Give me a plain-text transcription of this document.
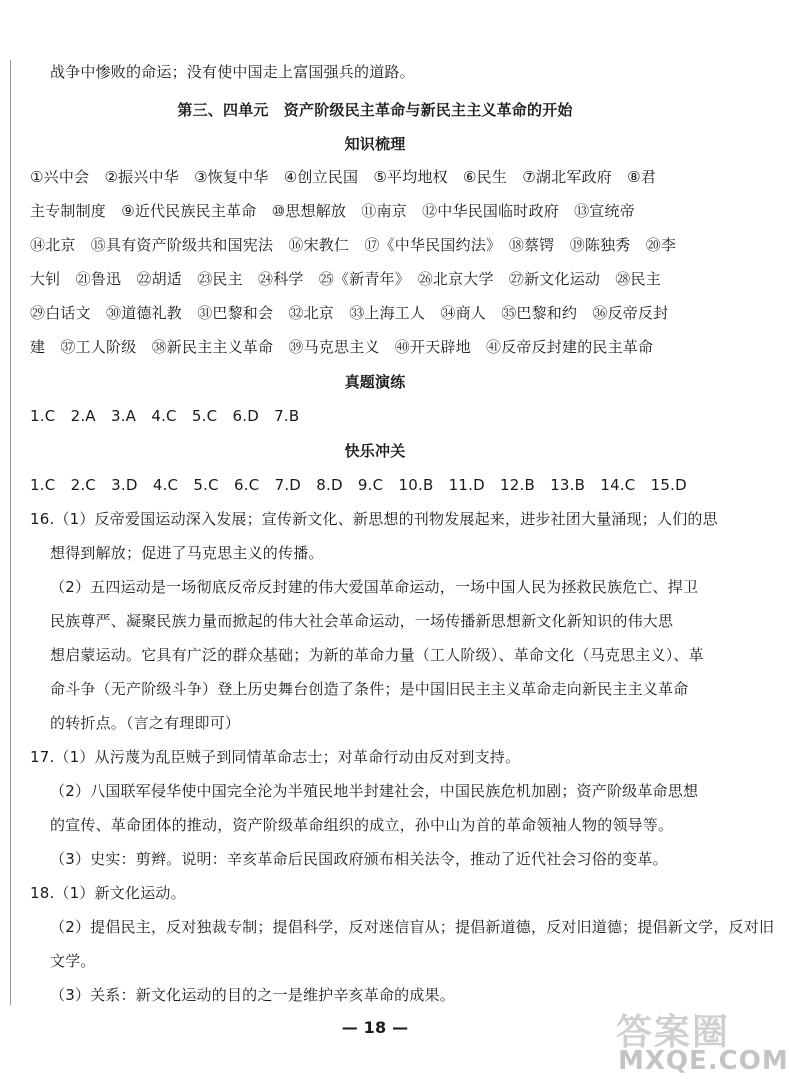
战争中惨败的命运；没有使中国走上富国强兵的道路。
第三、四单元　资产阶级民主革命与新民主主义革命的开始
知识梳理
①兴中会　②振兴中华　③恢复中华　④创立民国　⑤平均地权　⑥民生　⑦湖北军政府　⑧君
主专制制度　⑨近代民族民主革命　⑩思想解放　⑪南京　⑫中华民国临时政府　⑬宣统帝
⑭北京　⑮具有资产阶级共和国宪法　⑯宋教仁　⑰《中华民国约法》　⑱蔡锷　⑲陈独秀　⑳李
大钊　㉑鲁迅　㉒胡适　㉓民主　㉔科学　㉕《新青年》　㉖北京大学　㉗新文化运动　㉘民主
㉙白话文　㉚道德礼教　㉛巴黎和会　㉜北京　㉝上海工人　㉞商人　㉟巴黎和约　㊱反帝反封
建　㊲工人阶级　㊳新民主主义革命　㊴马克思主义　㊵开天辟地　㊶反帝反封建的民主革命
真题演练
1.C　2.A　3.A　4.C　5.C　6.D　7.B
快乐冲关
1.C　2.C　3.D　4.C　5.C　6.C　7.D　8.D　9.C　10.B　11.D　12.B　13.B　14.C　15.D
16.（1）反帝爱国运动深入发展；宣传新文化、新思想的刊物发展起来，进步社团大量涌现；人们的思
想得到解放；促进了马克思主义的传播。
（2）五四运动是一场彻底反帝反封建的伟大爱国革命运动，一场中国人民为拯救民族危亡、捍卫
民族尊严、凝聚民族力量而掀起的伟大社会革命运动，一场传播新思想新文化新知识的伟大思
想启蒙运动。它具有广泛的群众基础；为新的革命力量（工人阶级）、革命文化（马克思主义）、革
命斗争（无产阶级斗争）登上历史舞台创造了条件；是中国旧民主主义革命走向新民主主义革命
的转折点。（言之有理即可）
17.（1）从污蔑为乱臣贼子到同情革命志士；对革命行动由反对到支持。
（2）八国联军侵华使中国完全沦为半殖民地半封建社会，中国民族危机加剧；资产阶级革命思想
的宣传、革命团体的推动，资产阶级革命组织的成立，孙中山为首的革命领袖人物的领导等。
（3）史实：剪辫。说明：辛亥革命后民国政府颁布相关法令，推动了近代社会习俗的变革。
18.（1）新文化运动。
（2）提倡民主，反对独裁专制；提倡科学，反对迷信盲从；提倡新道德，反对旧道德；提倡新文学，反对旧
文学。
（3）关系：新文化运动的目的之一是维护辛亥革命的成果。
— 18 —	答案圈
MXQE.COM
